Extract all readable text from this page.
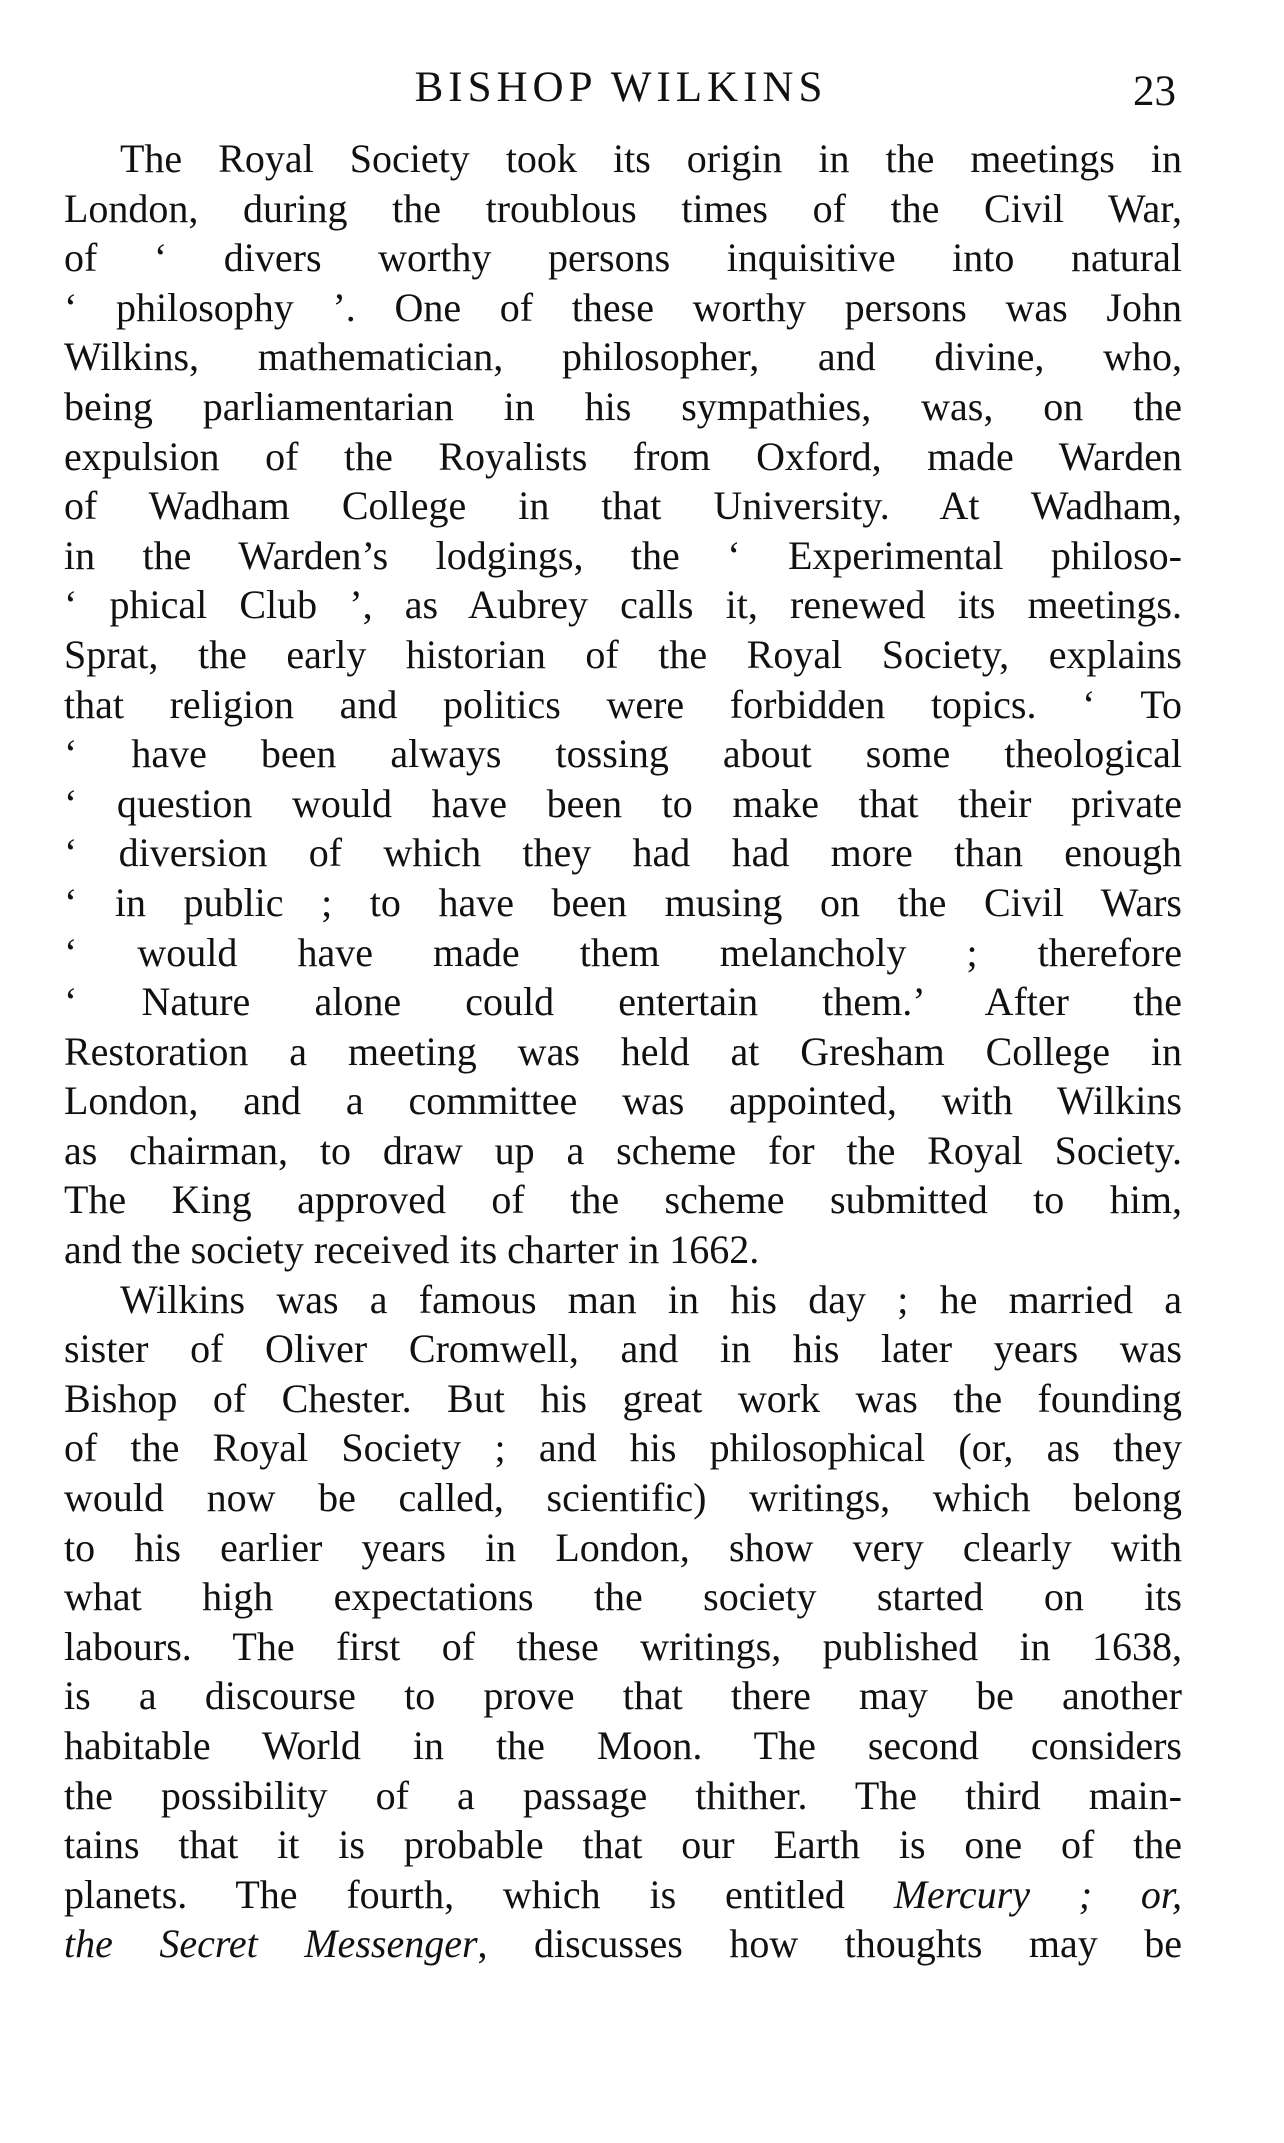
BISHOP WILKINS	23
The Royal Society took its origin in the meetings in
London, during the troublous times of the Civil War,
of ‘ divers worthy persons inquisitive into natural
‘ philosophy ’. One of these worthy persons was John
Wilkins, mathematician, philosopher, and divine, who,
being parliamentarian in his sympathies, was, on the
expulsion of the Royalists from Oxford, made Warden
of Wadham College in that University. At Wadham,
in the Warden’s lodgings, the ‘ Experimental philoso-
‘ phical Club ’, as Aubrey calls it, renewed its meetings.
Sprat, the early historian of the Royal Society, explains
that religion and politics were forbidden topics. ‘ To
‘ have been always tossing about some theological
‘ question would have been to make that their private
‘ diversion of which they had had more than enough
‘ in public ; to have been musing on the Civil Wars
‘ would have made them melancholy ; therefore
‘ Nature alone could entertain them.’ After the
Restoration a meeting was held at Gresham College in
London, and a committee was appointed, with Wilkins
as chairman, to draw up a scheme for the Royal Society.
The King approved of the scheme submitted to him,
and the society received its charter in 1662.
Wilkins was a famous man in his day ; he married a
sister of Oliver Cromwell, and in his later years was
Bishop of Chester. But his great work was the founding
of the Royal Society ; and his philosophical (or, as they
would now be called, scientific) writings, which belong
to his earlier years in London, show very clearly with
what high expectations the society started on its
labours. The first of these writings, published in 1638,
is a discourse to prove that there may be another
habitable World in the Moon. The second considers
the possibility of a passage thither. The third main-
tains that it is probable that our Earth is one of the
planets. The fourth, which is entitled Mercury ; or,
the Secret Messenger, discusses how thoughts may be
